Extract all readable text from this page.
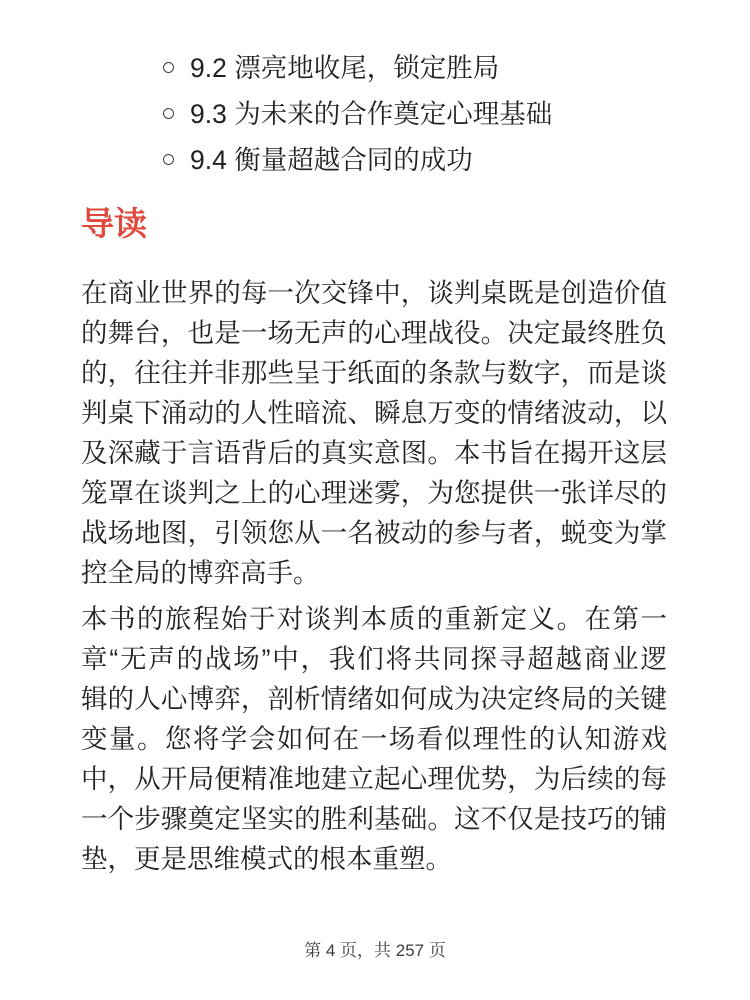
9.2 漂亮地收尾，锁定胜局
9.3 为未来的合作奠定心理基础
9.4 衡量超越合同的成功
导读

在商业世界的每一次交锋中，谈判桌既是创造价值
的舞台，也是一场无声的心理战役。决定最终胜负
的，往往并非那些呈于纸面的条款与数字，而是谈
判桌下涌动的人性暗流、瞬息万变的情绪波动，以
及深藏于言语背后的真实意图。本书旨在揭开这层
笼罩在谈判之上的心理迷雾，为您提供一张详尽的
战场地图，引领您从一名被动的参与者，蜕变为掌
控全局的博弈高手。

本书的旅程始于对谈判本质的重新定义。在第一
章“无声的战场”中，我们将共同探寻超越商业逻
辑的人心博弈，剖析情绪如何成为决定终局的关键
变量。您将学会如何在一场看似理性的认知游戏
中，从开局便精准地建立起心理优势，为后续的每
一个步骤奠定坚实的胜利基础。这不仅是技巧的铺
垫，更是思维模式的根本重塑。

第 4 页，共 257 页
